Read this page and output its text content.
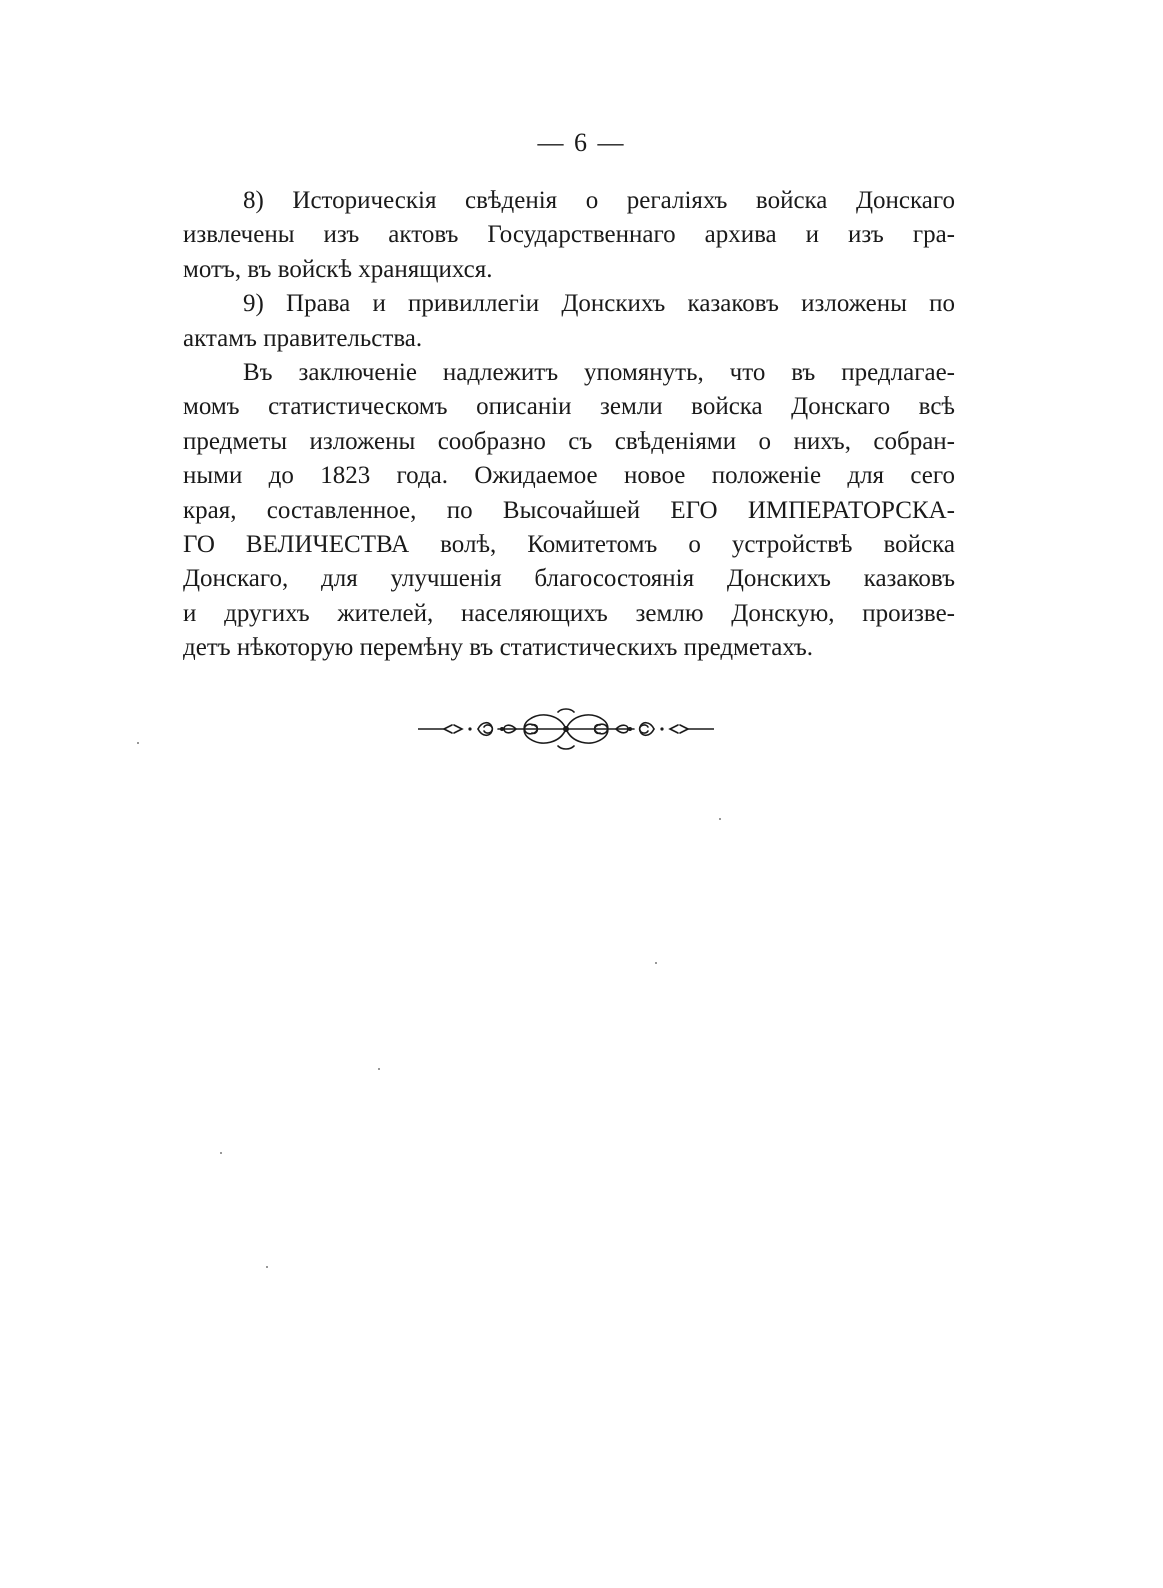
— 6 —
8) Историческія свѣденія о регаліяхъ войска Донскаго
извлечены изъ актовъ Государственнаго архива и изъ гра-
мотъ, въ войскѣ хранящихся.
9) Права и привиллегіи Донскихъ казаковъ изложены по
актамъ правительства.
Въ заключеніе надлежитъ упомянуть, что въ предлагае-
момъ статистическомъ описаніи земли войска Донскаго всѣ
предметы изложены сообразно съ свѣденіями о нихъ, собран-
ными до 1823 года. Ожидаемое новое положеніе для сего
края, составленное, по Высочайшей ЕГО ИМПЕРАТОРСКА-
ГО ВЕЛИЧЕСТВА волѣ, Комитетомъ о устройствѣ войска
Донскаго, для улучшенія благосостоянія Донскихъ казаковъ
и другихъ жителей, населяющихъ землю Донскую, произве-
детъ нѣкоторую перемѣну въ статистическихъ предметахъ.
